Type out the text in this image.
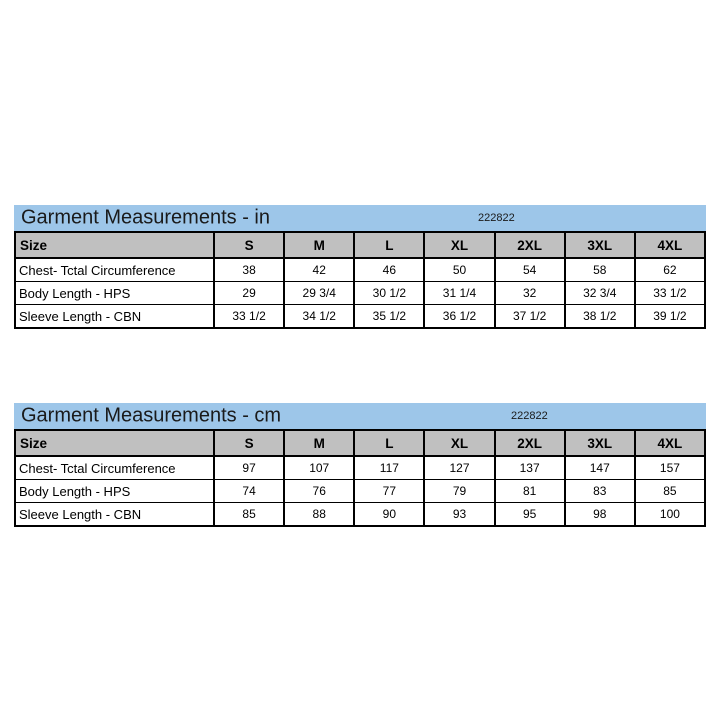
Garment Measurements - in	222822
Size	S	M	L	XL	2XL	3XL	4XL
Chest- Tctal Circumference	38	42	46	50	54	58	62
Body Length - HPS	29	29 3/4	30 1/2	31 1/4	32	32 3/4	33 1/2
Sleeve Length - CBN	33 1/2	34 1/2	35 1/2	36 1/2	37 1/2	38 1/2	39 1/2
Garment Measurements - cm	222822
Size	S	M	L	XL	2XL	3XL	4XL
Chest- Tctal Circumference	97	107	117	127	137	147	157
Body Length - HPS	74	76	77	79	81	83	85
Sleeve Length - CBN	85	88	90	93	95	98	100
